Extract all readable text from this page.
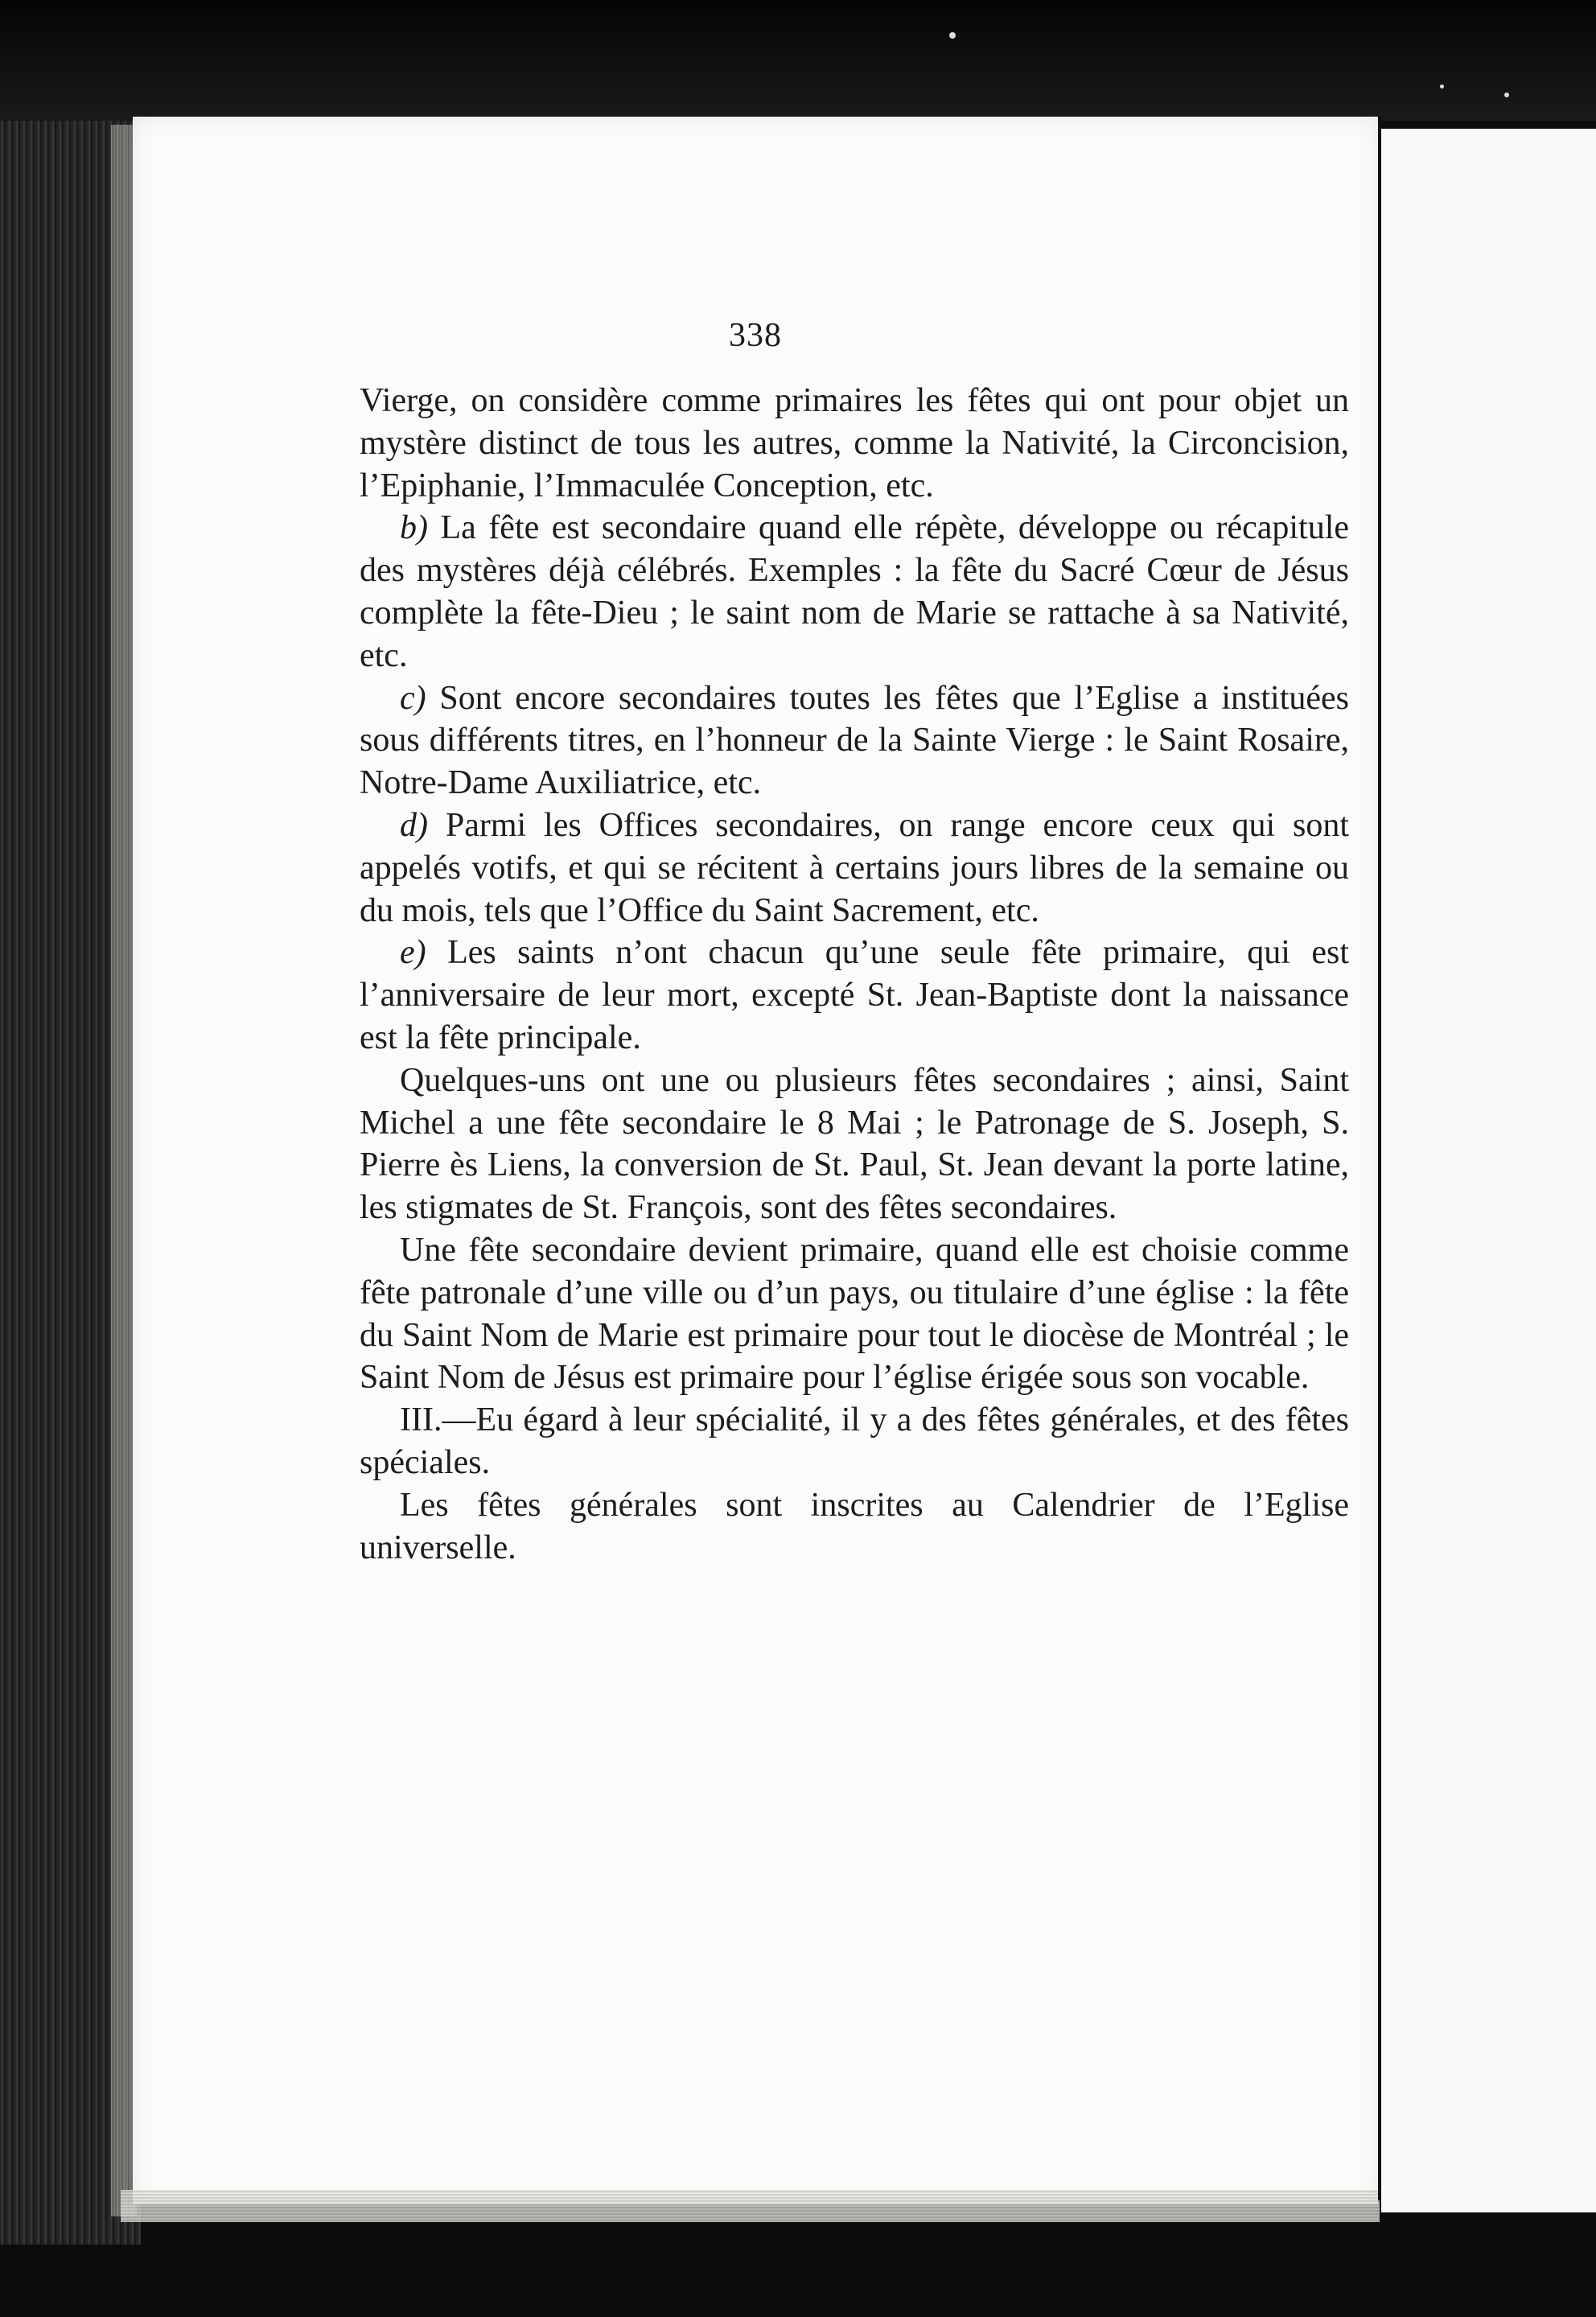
338

Vierge, on considère comme primaires les fêtes qui ont pour objet un mystère distinct de tous les autres, comme la Nativité, la Circoncision, l’Epiphanie, l’Immaculée Conception, etc.

b) La fête est secondaire quand elle répète, développe ou récapitule des mystères déjà célébrés. Exemples : la fête du Sacré Cœur de Jésus complète la fête-Dieu ; le saint nom de Marie se rattache à sa Nativité, etc.

c) Sont encore secondaires toutes les fêtes que l’Eglise a instituées sous différents titres, en l’honneur de la Sainte Vierge : le Saint Rosaire, Notre-Dame Auxiliatrice, etc.

d) Parmi les Offices secondaires, on range encore ceux qui sont appelés votifs, et qui se récitent à certains jours libres de la semaine ou du mois, tels que l’Office du Saint Sacrement, etc.

e) Les saints n’ont chacun qu’une seule fête primaire, qui est l’anniversaire de leur mort, excepté St. Jean-Baptiste dont la naissance est la fête principale.

Quelques-uns ont une ou plusieurs fêtes secondaires ; ainsi, Saint Michel a une fête secondaire le 8 Mai ; le Patronage de S. Joseph, S. Pierre ès Liens, la conversion de St. Paul, St. Jean devant la porte latine, les stigmates de St. François, sont des fêtes secondaires.

Une fête secondaire devient primaire, quand elle est choisie comme fête patronale d’une ville ou d’un pays, ou titulaire d’une église : la fête du Saint Nom de Marie est primaire pour tout le diocèse de Montréal ; le Saint Nom de Jésus est primaire pour l’église érigée sous son vocable.

III.—Eu égard à leur spécialité, il y a des fêtes générales, et des fêtes spéciales.

Les fêtes générales sont inscrites au Calendrier de l’Eglise universelle.
